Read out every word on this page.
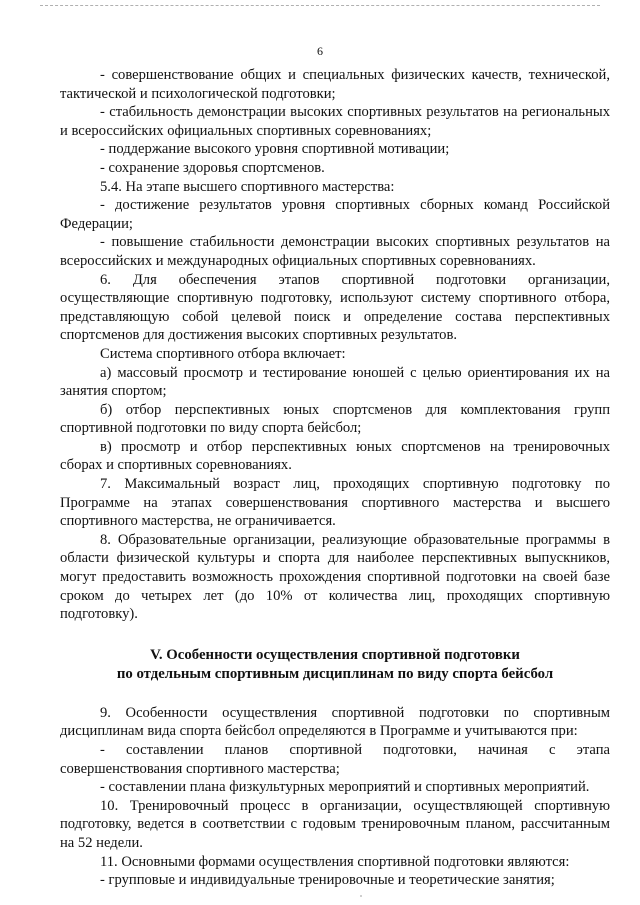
6

- совершенствование общих и специальных физических качеств, технической, тактической и психологической подготовки;

- стабильность демонстрации высоких спортивных результатов на региональных и всероссийских официальных спортивных соревнованиях;

- поддержание высокого уровня спортивной мотивации;

- сохранение здоровья спортсменов.

5.4. На этапе высшего спортивного мастерства:

- достижение результатов уровня спортивных сборных команд Российской Федерации;

- повышение стабильности демонстрации высоких спортивных результатов на всероссийских и международных официальных спортивных соревнованиях.

6. Для обеспечения этапов спортивной подготовки организации, осуществляющие спортивную подготовку, используют систему спортивного отбора, представляющую собой целевой поиск и определение состава перспективных спортсменов для достижения высоких спортивных результатов.

Система спортивного отбора включает:

а) массовый просмотр и тестирование юношей с целью ориентирования их на занятия спортом;

б) отбор перспективных юных спортсменов для комплектования групп спортивной подготовки по виду спорта бейсбол;

в) просмотр и отбор перспективных юных спортсменов на тренировочных сборах и спортивных соревнованиях.

7. Максимальный возраст лиц, проходящих спортивную подготовку по Программе на этапах совершенствования спортивного мастерства и высшего спортивного мастерства, не ограничивается.

8. Образовательные организации, реализующие образовательные программы в области физической культуры и спорта для наиболее перспективных выпускников, могут предоставить возможность прохождения спортивной подготовки на своей базе сроком до четырех лет (до 10% от количества лиц, проходящих спортивную подготовку).

V. Особенности осуществления спортивной подготовки
по отдельным спортивным дисциплинам по виду спорта бейсбол

9. Особенности осуществления спортивной подготовки по спортивным дисциплинам вида спорта бейсбол определяются в Программе и учитываются при:

- составлении планов спортивной подготовки, начиная с этапа совершенствования спортивного мастерства;

- составлении плана физкультурных мероприятий и спортивных мероприятий.

10. Тренировочный процесс в организации, осуществляющей спортивную подготовку, ведется в соответствии с годовым тренировочным планом, рассчитанным на 52 недели.

11. Основными формами осуществления спортивной подготовки являются:

- групповые и индивидуальные тренировочные и теоретические занятия;
